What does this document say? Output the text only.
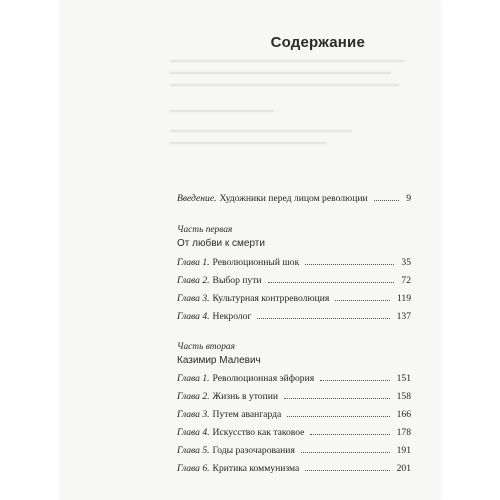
Содержание
Введение. Художники перед лицом революции	9
Часть первая
От любви к смерти
Глава 1. Революционный шок	35
Глава 2. Выбор пути	72
Глава 3. Культурная контрреволюция	119
Глава 4. Некролог	137
Часть вторая
Казимир Малевич
Глава 1. Революционная эйфория	151
Глава 2. Жизнь в утопии	158
Глава 3. Путем авангарда	166
Глава 4. Искусство как таковое	178
Глава 5. Годы разочарования	191
Глава 6. Критика коммунизма	201
